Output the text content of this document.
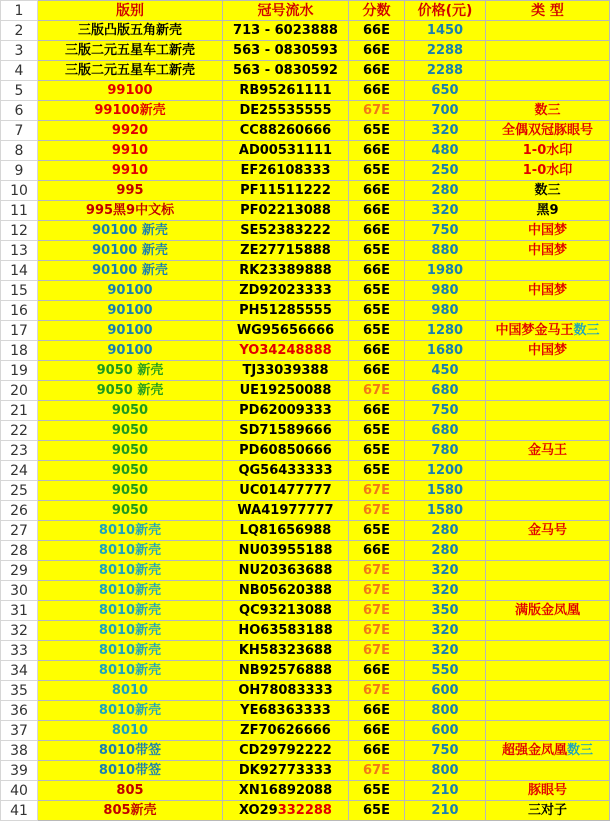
1	版别	冠号流水	分数	价格(元)	类 型
2	三版凸版五角新壳	713 - 6023888	66E	1450	
3	三版二元五星车工新壳	563 - 0830593	66E	2288	
4	三版二元五星车工新壳	563 - 0830592	66E	2288	
5	99100	RB95261111	66E	650	
6	99100新壳	DE25535555	67E	700	数三
7	9920	CC88260666	65E	320	全偶双冠豚眼号
8	9910	AD00531111	66E	480	1-0水印
9	9910	EF26108333	65E	250	1-0水印
10	995	PF11511222	66E	280	数三
11	995黑9中文标	PF02213088	66E	320	黑9
12	90100 新壳	SE52383222	66E	750	中国梦
13	90100 新壳	ZE27715888	65E	880	中国梦
14	90100 新壳	RK23389888	66E	1980	
15	90100	ZD92023333	65E	980	中国梦
16	90100	PH51285555	65E	980	
17	90100	WG95656666	65E	1280	中国梦金马王数三
18	90100	YO34248888	66E	1680	中国梦
19	9050 新壳	TJ33039388	66E	450	
20	9050 新壳	UE19250088	67E	680	
21	9050	PD62009333	66E	750	
22	9050	SD71589666	65E	680	
23	9050	PD60850666	65E	780	金马王
24	9050	QG56433333	65E	1200	
25	9050	UC01477777	67E	1580	
26	9050	WA41977777	67E	1580	
27	8010新壳	LQ81656988	65E	280	金马号
28	8010新壳	NU03955188	66E	280	
29	8010新壳	NU20363688	67E	320	
30	8010新壳	NB05620388	67E	320	
31	8010新壳	QC93213088	67E	350	满版金凤凰
32	8010新壳	HO63583188	67E	320	
33	8010新壳	KH58323688	67E	320	
34	8010新壳	NB92576888	66E	550	
35	8010	OH78083333	67E	600	
36	8010新壳	YE68363333	66E	800	
37	8010	ZF70626666	66E	600	
38	8010带签	CD29792222	66E	750	超强金凤凰数三
39	8010带签	DK92773333	67E	800	
40	805	XN16892088	65E	210	豚眼号
41	805新壳	XO29332288	65E	210	三对子
